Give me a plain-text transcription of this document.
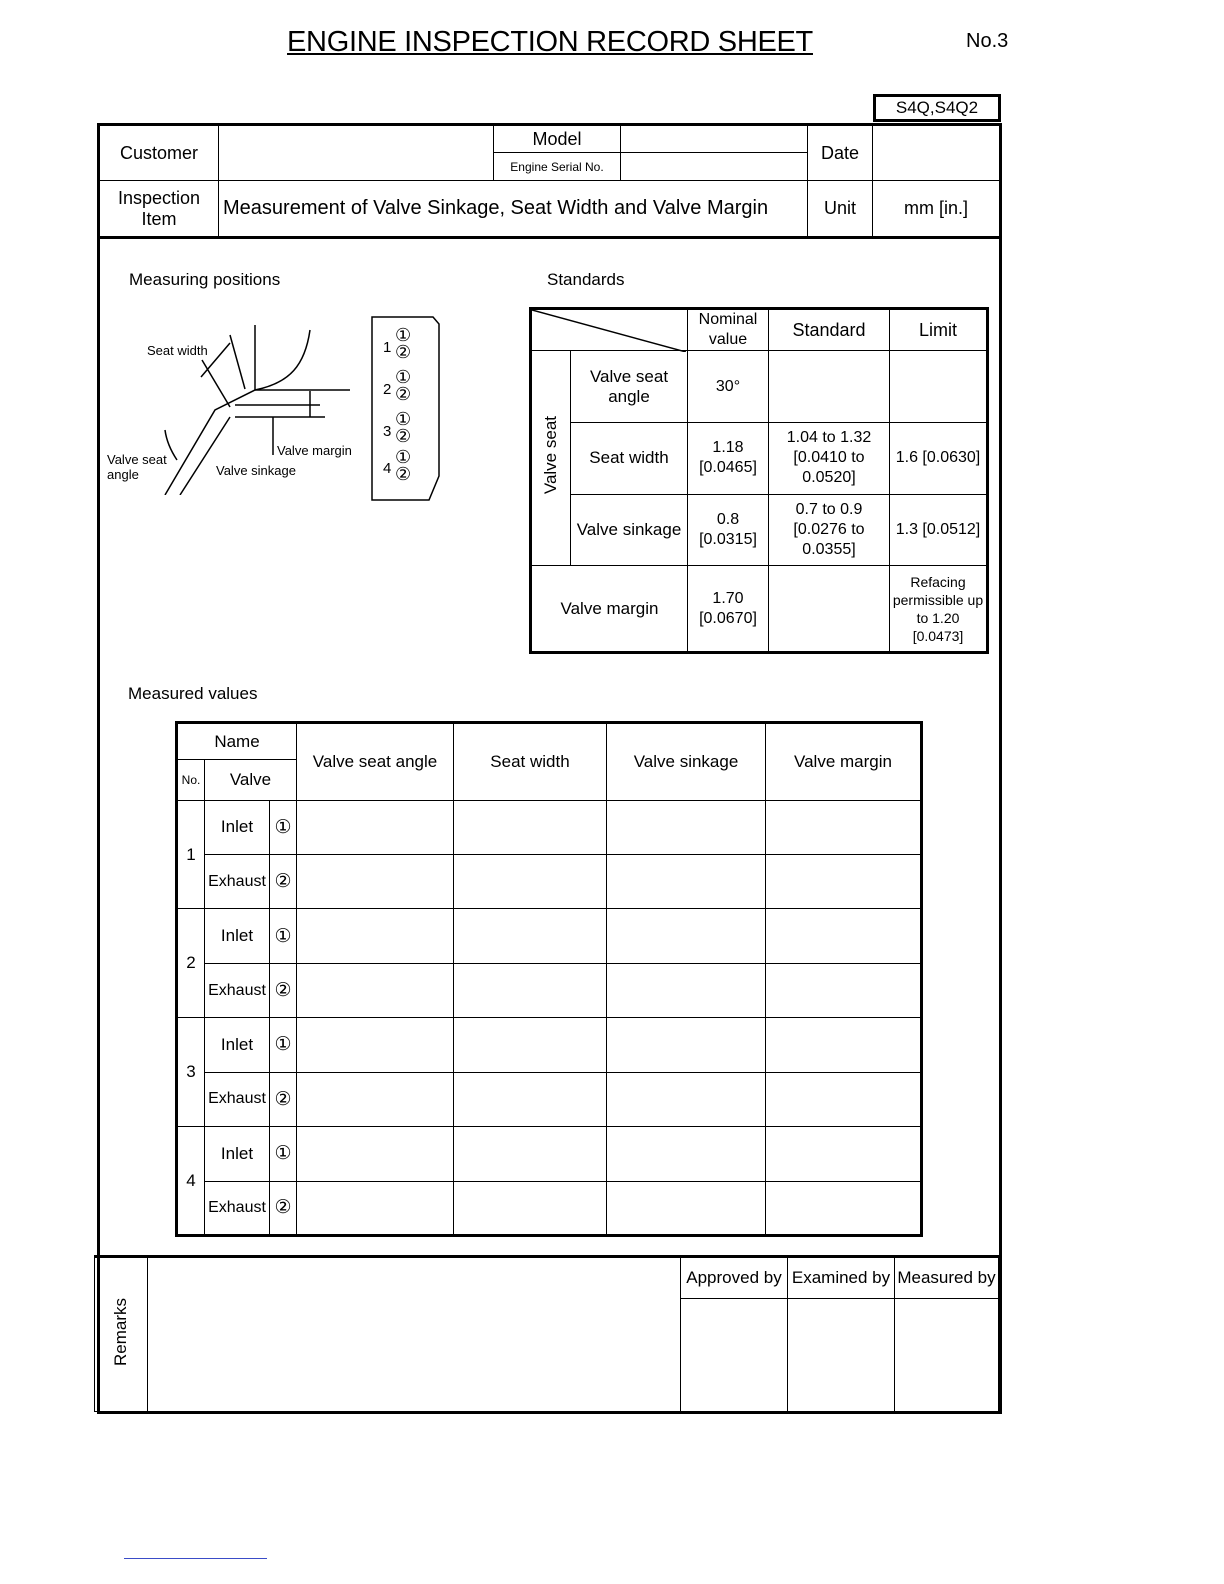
ENGINE INSPECTION RECORD SHEET	No.3
S4Q,S4Q2
Customer		Model		Date	
		Engine Serial No.			

Inspection
Item	Measurement of Valve Sinkage, Seat Width and Valve Margin			Unit	mm [in.]
Measuring positions	Standards
Seat width
Valve margin
Valve seat
angle	Valve sinkage
1
①
②
2
①
②
3
①
②
4
①
②
	Nominal value	Standard	Limit
Valve seat	Valve seat angle	30°		
	Seat width	1.18 [0.0465]	1.04 to 1.32 [0.0410 to 0.0520]	1.6 [0.0630]
	Valve sinkage	0.8 [0.0315]	0.7 to 0.9 [0.0276 to 0.0355]	1.3 [0.0512]
Valve margin		1.70 [0.0670]		Refacing permissible up to 1.20 [0.0473]
Measured values
Name			Valve seat angle	Seat width	Valve sinkage	Valve margin
No.	Valve					
1	Inlet	①				
	Exhaust	②				
2	Inlet	①				
	Exhaust	②				
3	Inlet	①				
	Exhaust	②				
4	Inlet	①				
	Exhaust	②				
Remarks		Approved by	Examined by	Measured by
